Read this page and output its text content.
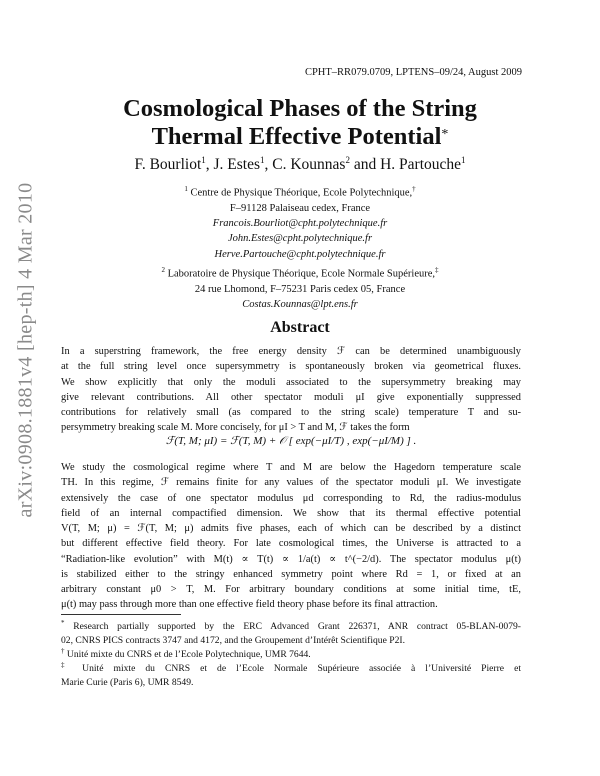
arXiv:0908.1881v4 [hep-th] 4 Mar 2010
CPHT–RR079.0709, LPTENS–09/24, August 2009
Cosmological Phases of the String
Thermal Effective Potential*
F. Bourliot$^1$, J. Estes$^1$, C. Kounnas$^2$ and H. Partouche$^1$
$^1$ Centre de Physique Théorique, Ecole Polytechnique,†
F–91128 Palaiseau cedex, France
Francois.Bourliot@cpht.polytechnique.fr
John.Estes@cpht.polytechnique.fr
Herve.Partouche@cpht.polytechnique.fr
$^2$ Laboratoire de Physique Théorique, Ecole Normale Supérieure,‡
24 rue Lhomond, F–75231 Paris cedex 05, France
Costas.Kounnas@lpt.ens.fr
Abstract
In a superstring framework, the free energy density ℱ can be determined unambiguously
at the full string level once supersymmetry is spontaneously broken via geometrical fluxes.
We show explicitly that only the moduli associated to the supersymmetry breaking may
give relevant contributions. All other spectator moduli μI give exponentially suppressed
contributions for relatively small (as compared to the string scale) temperature T and su-
persymmetry breaking scale M. More concisely, for μI > T and M, ℱ takes the form
ℱ(T, M; μI) = ℱ(T, M) + 𝒪 [ exp(−μI/T) , exp(−μI/M) ] .
We study the cosmological regime where T and M are below the Hagedorn temperature scale
TH. In this regime, ℱ remains finite for any values of the spectator moduli μI. We investigate
extensively the case of one spectator modulus μd corresponding to Rd, the radius-modulus
field of an internal compactified dimension. We show that its thermal effective potential
V(T, M; μ) = ℱ(T, M; μ) admits five phases, each of which can be described by a distinct
but different effective field theory. For late cosmological times, the Universe is attracted to a
“Radiation-like evolution” with M(t) ∝ T(t) ∝ 1/a(t) ∝ t^(−2/d). The spectator modulus μ(t)
is stabilized either to the stringy enhanced symmetry point where Rd = 1, or fixed at an
arbitrary constant μ0 > T, M. For arbitrary boundary conditions at some initial time, tE,
μ(t) may pass through more than one effective field theory phase before its final attraction.
* Research partially supported by the ERC Advanced Grant 226371, ANR contract 05-BLAN-0079-
02, CNRS PICS contracts 3747 and 4172, and the Groupement d’Intérêt Scientifique P2I.
† Unité mixte du CNRS et de l’Ecole Polytechnique, UMR 7644.
‡ Unité mixte du CNRS et de l’Ecole Normale Supérieure associée à l’Université Pierre et
Marie Curie (Paris 6), UMR 8549.
